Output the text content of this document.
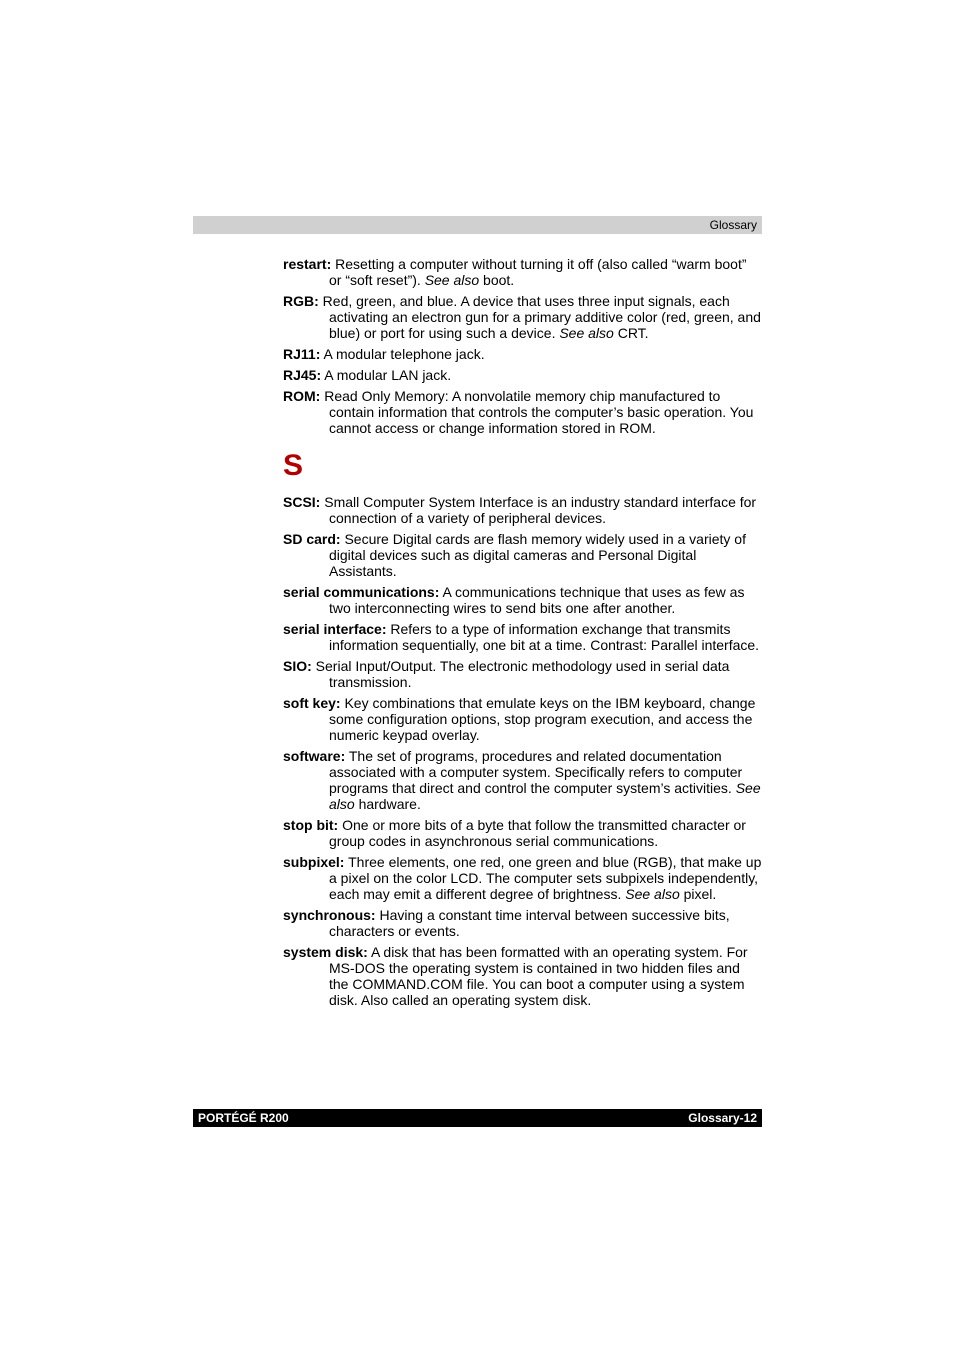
Glossary
restart: Resetting a computer without turning it off (also called “warm boot” or “soft reset”). See also boot.
RGB: Red, green, and blue. A device that uses three input signals, each activating an electron gun for a primary additive color (red, green, and blue) or port for using such a device. See also CRT.
RJ11: A modular telephone jack.
RJ45: A modular LAN jack.
ROM: Read Only Memory: A nonvolatile memory chip manufactured to contain information that controls the computer’s basic operation. You cannot access or change information stored in ROM.
S
SCSI: Small Computer System Interface is an industry standard interface for connection of a variety of peripheral devices.
SD card: Secure Digital cards are flash memory widely used in a variety of digital devices such as digital cameras and Personal Digital Assistants.
serial communications: A communications technique that uses as few as two interconnecting wires to send bits one after another.
serial interface: Refers to a type of information exchange that transmits information sequentially, one bit at a time. Contrast: Parallel interface.
SIO: Serial Input/Output. The electronic methodology used in serial data transmission.
soft key: Key combinations that emulate keys on the IBM keyboard, change some configuration options, stop program execution, and access the numeric keypad overlay.
software: The set of programs, procedures and related documentation associated with a computer system. Specifically refers to computer programs that direct and control the computer system’s activities. See also hardware.
stop bit: One or more bits of a byte that follow the transmitted character or group codes in asynchronous serial communications.
subpixel: Three elements, one red, one green and blue (RGB), that make up a pixel on the color LCD. The computer sets subpixels independently, each may emit a different degree of brightness. See also pixel.
synchronous: Having a constant time interval between successive bits, characters or events.
system disk: A disk that has been formatted with an operating system. For MS-DOS the operating system is contained in two hidden files and the COMMAND.COM file. You can boot a computer using a system disk. Also called an operating system disk.
PORTÉGÉ R200	Glossary-12
